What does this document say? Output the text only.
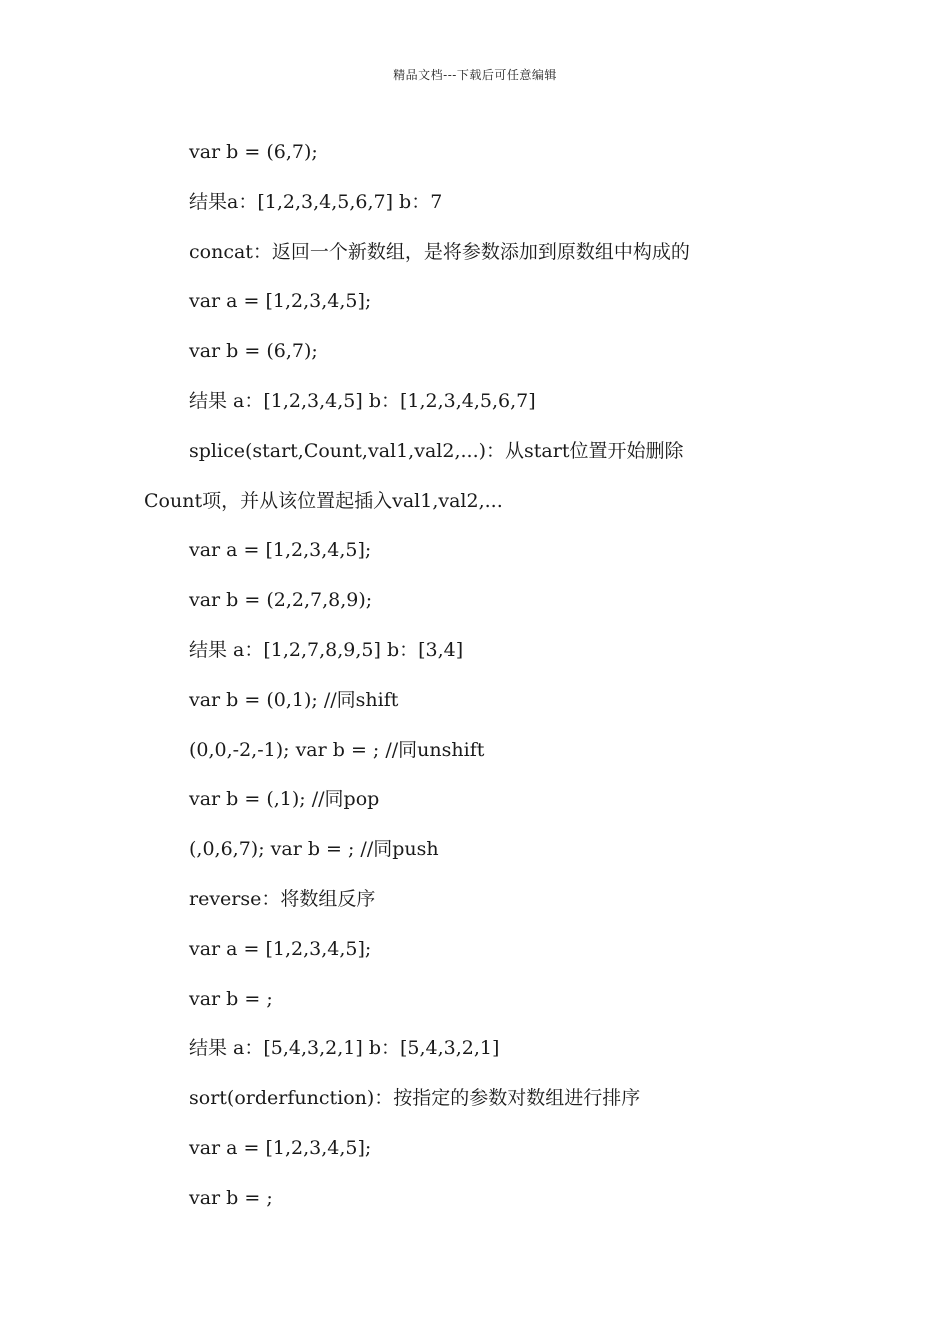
精品文档---下载后可任意编辑
var b = (6,7);
结果a：[1,2,3,4,5,6,7] b：7
concat：返回一个新数组，是将参数添加到原数组中构成的
var a = [1,2,3,4,5];
var b = (6,7);
结果 a：[1,2,3,4,5] b：[1,2,3,4,5,6,7]
splice(start,Count,val1,val2,...)：从start位置开始删除
Count项，并从该位置起插入val1,val2,...
var a = [1,2,3,4,5];
var b = (2,2,7,8,9);
结果 a：[1,2,7,8,9,5] b：[3,4]
var b = (0,1); //同shift
(0,0,-2,-1); var b = ; //同unshift
var b = (,1); //同pop
(,0,6,7); var b = ; //同push
reverse：将数组反序
var a = [1,2,3,4,5];
var b = ;
结果 a：[5,4,3,2,1] b：[5,4,3,2,1]
sort(orderfunction)：按指定的参数对数组进行排序
var a = [1,2,3,4,5];
var b = ;
